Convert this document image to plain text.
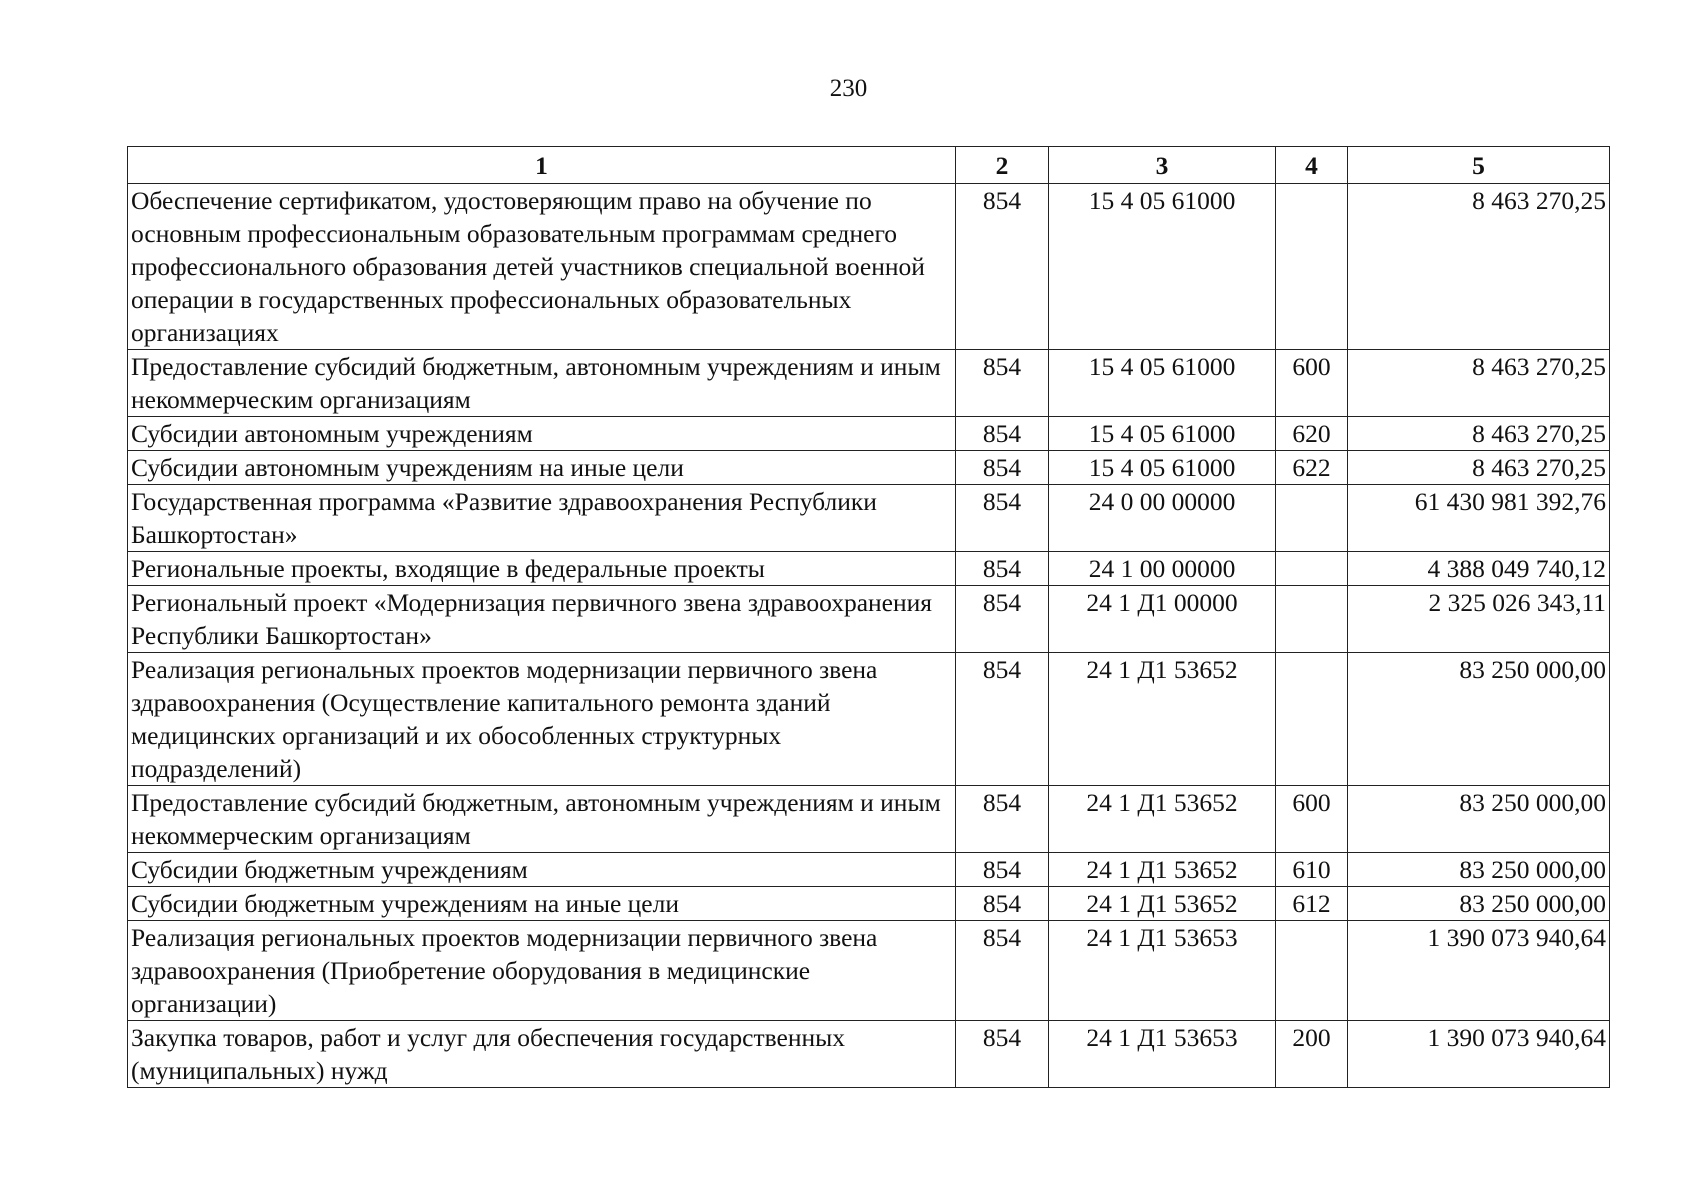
230
1	2	3	4	5
Обеспечение сертификатом, удостоверяющим право на обучение по основным профессиональным образовательным программам среднего профессионального образования детей участников специальной военной операции в государственных профессиональных образовательных организациях	854	15 4 05 61000		8 463 270,25
Предоставление субсидий бюджетным, автономным учреждениям и иным некоммерческим организациям	854	15 4 05 61000	600	8 463 270,25
Субсидии автономным учреждениям	854	15 4 05 61000	620	8 463 270,25
Субсидии автономным учреждениям на иные цели	854	15 4 05 61000	622	8 463 270,25
Государственная программа «Развитие здравоохранения Республики Башкортостан»	854	24 0 00 00000		61 430 981 392,76
Региональные проекты, входящие в федеральные проекты	854	24 1 00 00000		4 388 049 740,12
Региональный проект «Модернизация первичного звена здравоохранения Республики Башкортостан»	854	24 1 Д1 00000		2 325 026 343,11
Реализация региональных проектов модернизации первичного звена здравоохранения (Осуществление капитального ремонта зданий медицинских организаций и их обособленных структурных подразделений)	854	24 1 Д1 53652		83 250 000,00
Предоставление субсидий бюджетным, автономным учреждениям и иным некоммерческим организациям	854	24 1 Д1 53652	600	83 250 000,00
Субсидии бюджетным учреждениям	854	24 1 Д1 53652	610	83 250 000,00
Субсидии бюджетным учреждениям на иные цели	854	24 1 Д1 53652	612	83 250 000,00
Реализация региональных проектов модернизации первичного звена здравоохранения (Приобретение оборудования в медицинские организации)	854	24 1 Д1 53653		1 390 073 940,64
Закупка товаров, работ и услуг для обеспечения государственных (муниципальных) нужд	854	24 1 Д1 53653	200	1 390 073 940,64
